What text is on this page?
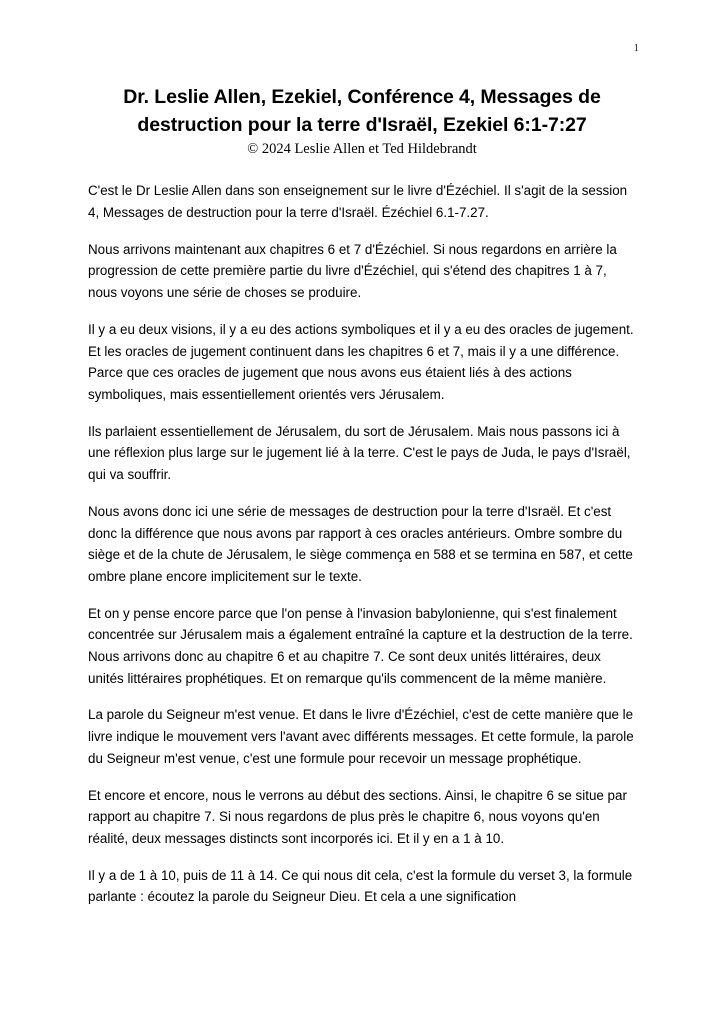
1
Dr. Leslie Allen, Ezekiel, Conférence 4, Messages de destruction pour la terre d'Israël, Ezekiel 6:1-7:27
© 2024 Leslie Allen et Ted Hildebrandt

C'est le Dr Leslie Allen dans son enseignement sur le livre d'Ézéchiel. Il s'agit de la session 4, Messages de destruction pour la terre d'Israël. Ézéchiel 6.1-7.27.

Nous arrivons maintenant aux chapitres 6 et 7 d'Ézéchiel. Si nous regardons en arrière la progression de cette première partie du livre d'Ézéchiel, qui s'étend des chapitres 1 à 7, nous voyons une série de choses se produire.

Il y a eu deux visions, il y a eu des actions symboliques et il y a eu des oracles de jugement. Et les oracles de jugement continuent dans les chapitres 6 et 7, mais il y a une différence. Parce que ces oracles de jugement que nous avons eus étaient liés à des actions symboliques, mais essentiellement orientés vers Jérusalem.

Ils parlaient essentiellement de Jérusalem, du sort de Jérusalem. Mais nous passons ici à une réflexion plus large sur le jugement lié à la terre. C'est le pays de Juda, le pays d'Israël, qui va souffrir.

Nous avons donc ici une série de messages de destruction pour la terre d'Israël. Et c'est donc la différence que nous avons par rapport à ces oracles antérieurs. Ombre sombre du siège et de la chute de Jérusalem, le siège commença en 588 et se termina en 587, et cette ombre plane encore implicitement sur le texte.

Et on y pense encore parce que l'on pense à l'invasion babylonienne, qui s'est finalement concentrée sur Jérusalem mais a également entraîné la capture et la destruction de la terre. Nous arrivons donc au chapitre 6 et au chapitre 7. Ce sont deux unités littéraires, deux unités littéraires prophétiques. Et on remarque qu'ils commencent de la même manière.

La parole du Seigneur m'est venue. Et dans le livre d'Ézéchiel, c'est de cette manière que le livre indique le mouvement vers l'avant avec différents messages. Et cette formule, la parole du Seigneur m'est venue, c'est une formule pour recevoir un message prophétique.

Et encore et encore, nous le verrons au début des sections. Ainsi, le chapitre 6 se situe par rapport au chapitre 7. Si nous regardons de plus près le chapitre 6, nous voyons qu'en réalité, deux messages distincts sont incorporés ici. Et il y en a 1 à 10.

Il y a de 1 à 10, puis de 11 à 14. Ce qui nous dit cela, c'est la formule du verset 3, la formule parlante : écoutez la parole du Seigneur Dieu. Et cela a une signification
